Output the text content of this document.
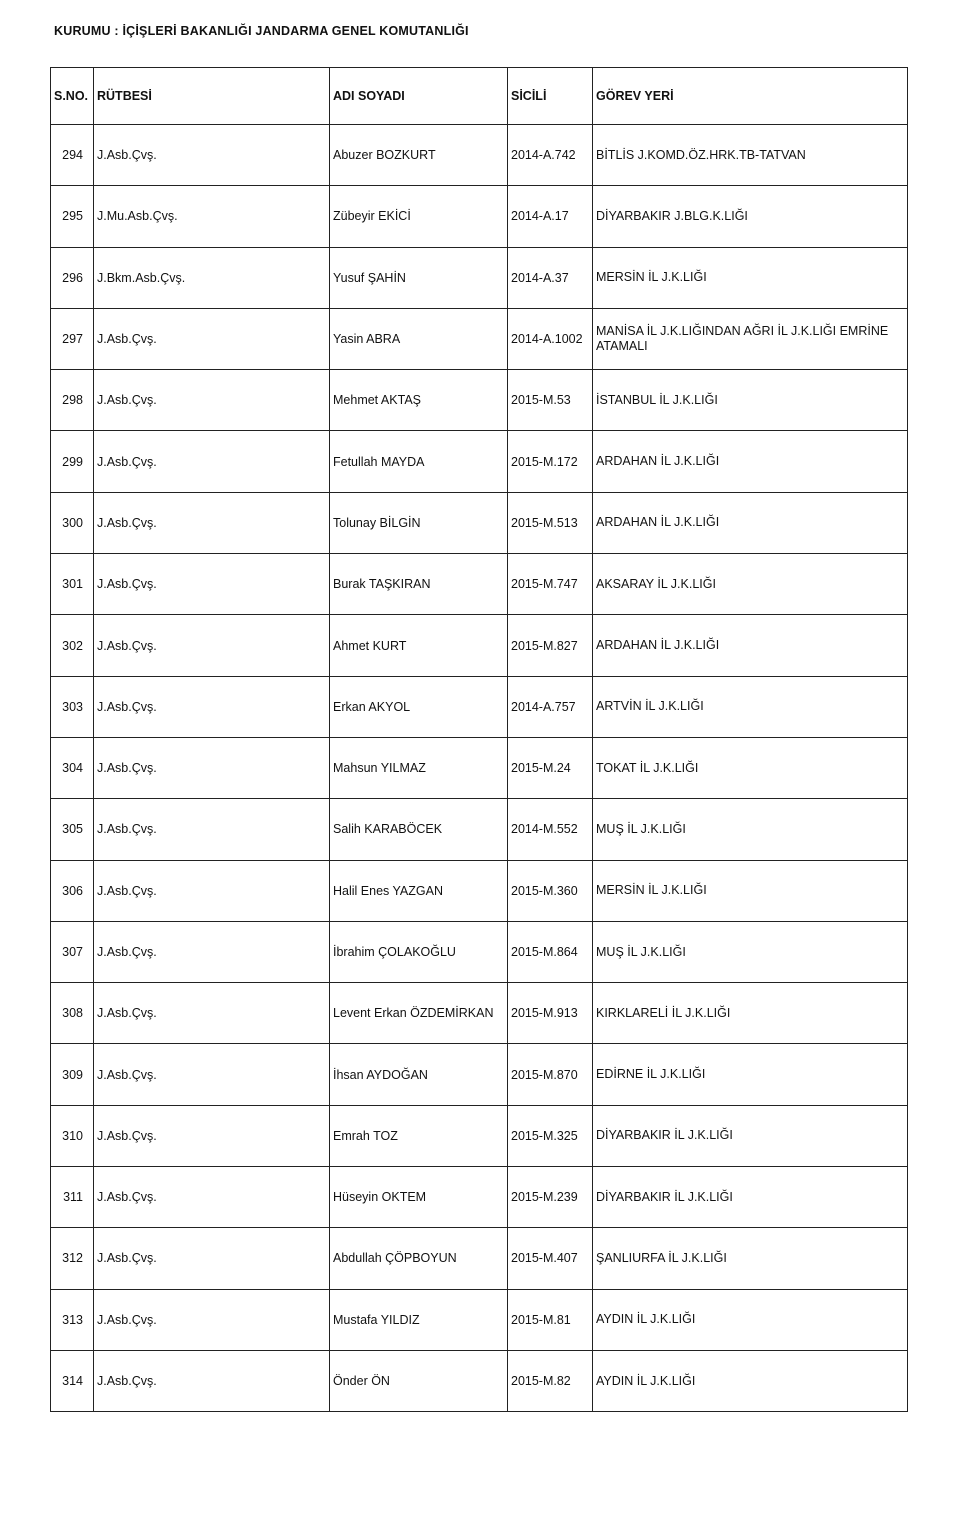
KURUMU : İÇİŞLERİ BAKANLIĞI JANDARMA GENEL KOMUTANLIĞI
S.NO.	RÜTBESİ	ADI SOYADI	SİCİLİ	GÖREV YERİ
294	J.Asb.Çvş.	Abuzer BOZKURT	2014-A.742	BİTLİS J.KOMD.ÖZ.HRK.TB-TATVAN
295	J.Mu.Asb.Çvş.	Zübeyir EKİCİ	2014-A.17	DİYARBAKIR J.BLG.K.LIĞI
296	J.Bkm.Asb.Çvş.	Yusuf ŞAHİN	2014-A.37	MERSİN İL J.K.LIĞI
297	J.Asb.Çvş.	Yasin ABRA	2014-A.1002	MANİSA İL J.K.LIĞINDAN AĞRI İL J.K.LIĞI EMRİNE ATAMALI
298	J.Asb.Çvş.	Mehmet AKTAŞ	2015-M.53	İSTANBUL İL J.K.LIĞI
299	J.Asb.Çvş.	Fetullah MAYDA	2015-M.172	ARDAHAN İL J.K.LIĞI
300	J.Asb.Çvş.	Tolunay BİLGİN	2015-M.513	ARDAHAN İL J.K.LIĞI
301	J.Asb.Çvş.	Burak TAŞKIRAN	2015-M.747	AKSARAY İL J.K.LIĞI
302	J.Asb.Çvş.	Ahmet KURT	2015-M.827	ARDAHAN İL J.K.LIĞI
303	J.Asb.Çvş.	Erkan AKYOL	2014-A.757	ARTVİN İL J.K.LIĞI
304	J.Asb.Çvş.	Mahsun YILMAZ	2015-M.24	TOKAT İL J.K.LIĞI
305	J.Asb.Çvş.	Salih KARABÖCEK	2014-M.552	MUŞ İL J.K.LIĞI
306	J.Asb.Çvş.	Halil Enes YAZGAN	2015-M.360	MERSİN İL J.K.LIĞI
307	J.Asb.Çvş.	İbrahim ÇOLAKOĞLU	2015-M.864	MUŞ İL J.K.LIĞI
308	J.Asb.Çvş.	Levent Erkan ÖZDEMİRKAN	2015-M.913	KIRKLARELİ İL J.K.LIĞI
309	J.Asb.Çvş.	İhsan AYDOĞAN	2015-M.870	EDİRNE İL J.K.LIĞI
310	J.Asb.Çvş.	Emrah TOZ	2015-M.325	DİYARBAKIR İL J.K.LIĞI
311	J.Asb.Çvş.	Hüseyin OKTEM	2015-M.239	DİYARBAKIR İL J.K.LIĞI
312	J.Asb.Çvş.	Abdullah ÇÖPBOYUN	2015-M.407	ŞANLIURFA İL J.K.LIĞI
313	J.Asb.Çvş.	Mustafa YILDIZ	2015-M.81	AYDIN İL J.K.LIĞI
314	J.Asb.Çvş.	Önder ÖN	2015-M.82	AYDIN İL J.K.LIĞI
